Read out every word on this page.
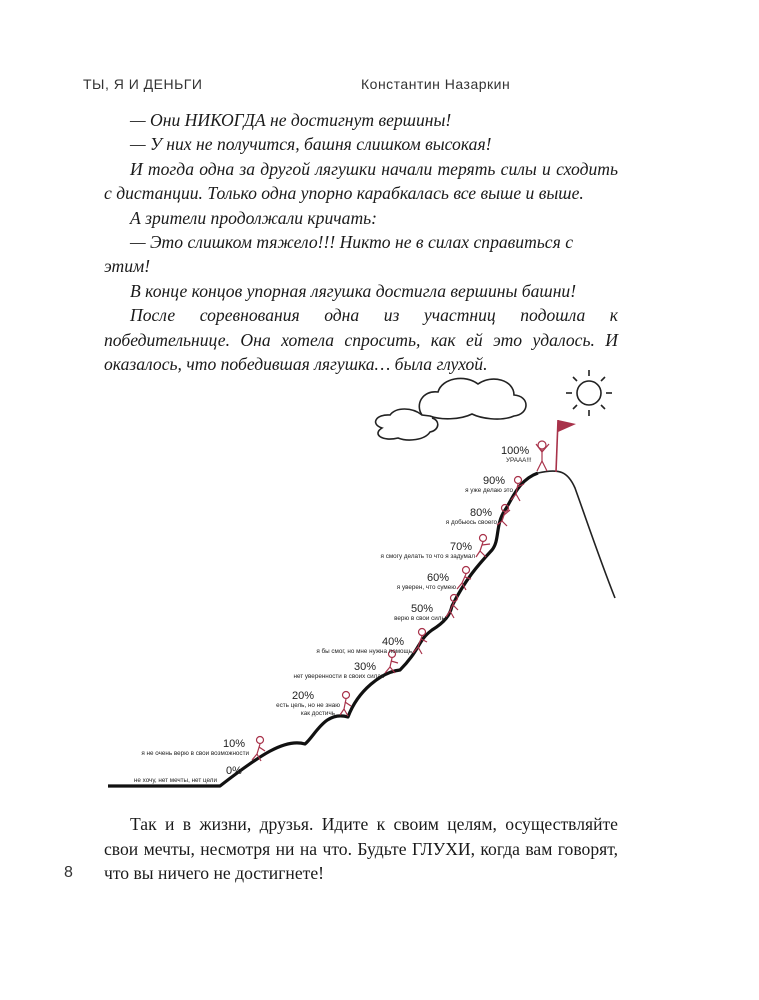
ТЫ, Я И ДЕНЬГИ	Константин Назаркин

— Они НИКОГДА не достигнут вершины!

— У них не получится, башня слишком высокая!

И тогда одна за другой лягушки начали терять силы и сходить с дистанции. Только одна упорно карабкалась все выше и выше.

А зрители продолжали кричать:

— Это слишком тяжело!!! Никто не в силах справиться с этим!

В конце концов упорная лягушка достигла вершины башни!

После соревнования одна из участниц подошла к победительнице. Она хотела спросить, как ей это удалось. И оказалось, что победившая лягушка… была глухой.

100%
УРААА!!!
90%
я уже делаю это
80%
я добьюсь своего
70%
я смогу делать то что я задумал
60%
я уверен, что сумею
50%
верю в свои силы
40%
я бы смог, но мне нужна помощь
30%
нет уверенности в своих силах
20%
есть цель, но не знаю
как достичь
10%
я не очень верю в свои возможности
0%
не хочу, нет мечты, нет цели

Так и в жизни, друзья. Идите к своим целям, осуществляйте свои мечты, несмотря ни на что. Будьте ГЛУХИ, когда вам говорят, что вы ничего не достигнете!

8
